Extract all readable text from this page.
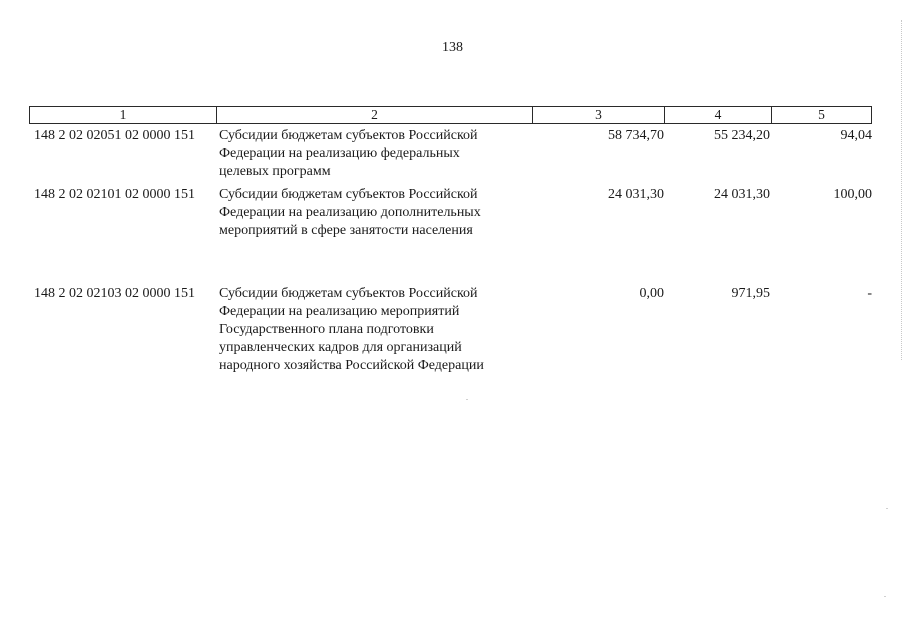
138
1	2	3	4	5
148 2 02 02051 02 0000 151 Субсидии бюджетам субъектов Российской
Федерации на реализацию федеральных
целевых программ
58 734,70	55 234,20	94,04
148 2 02 02101 02 0000 151 Субсидии бюджетам субъектов Российской
Федерации на реализацию дополнительных
мероприятий в сфере занятости населения
24 031,30	24 031,30	100,00
148 2 02 02103 02 0000 151 Субсидии бюджетам субъектов Российской
Федерации на реализацию мероприятий
Государственного плана подготовки
управленческих кадров для организаций
народного хозяйства Российской Федерации
0,00	971,95	-
